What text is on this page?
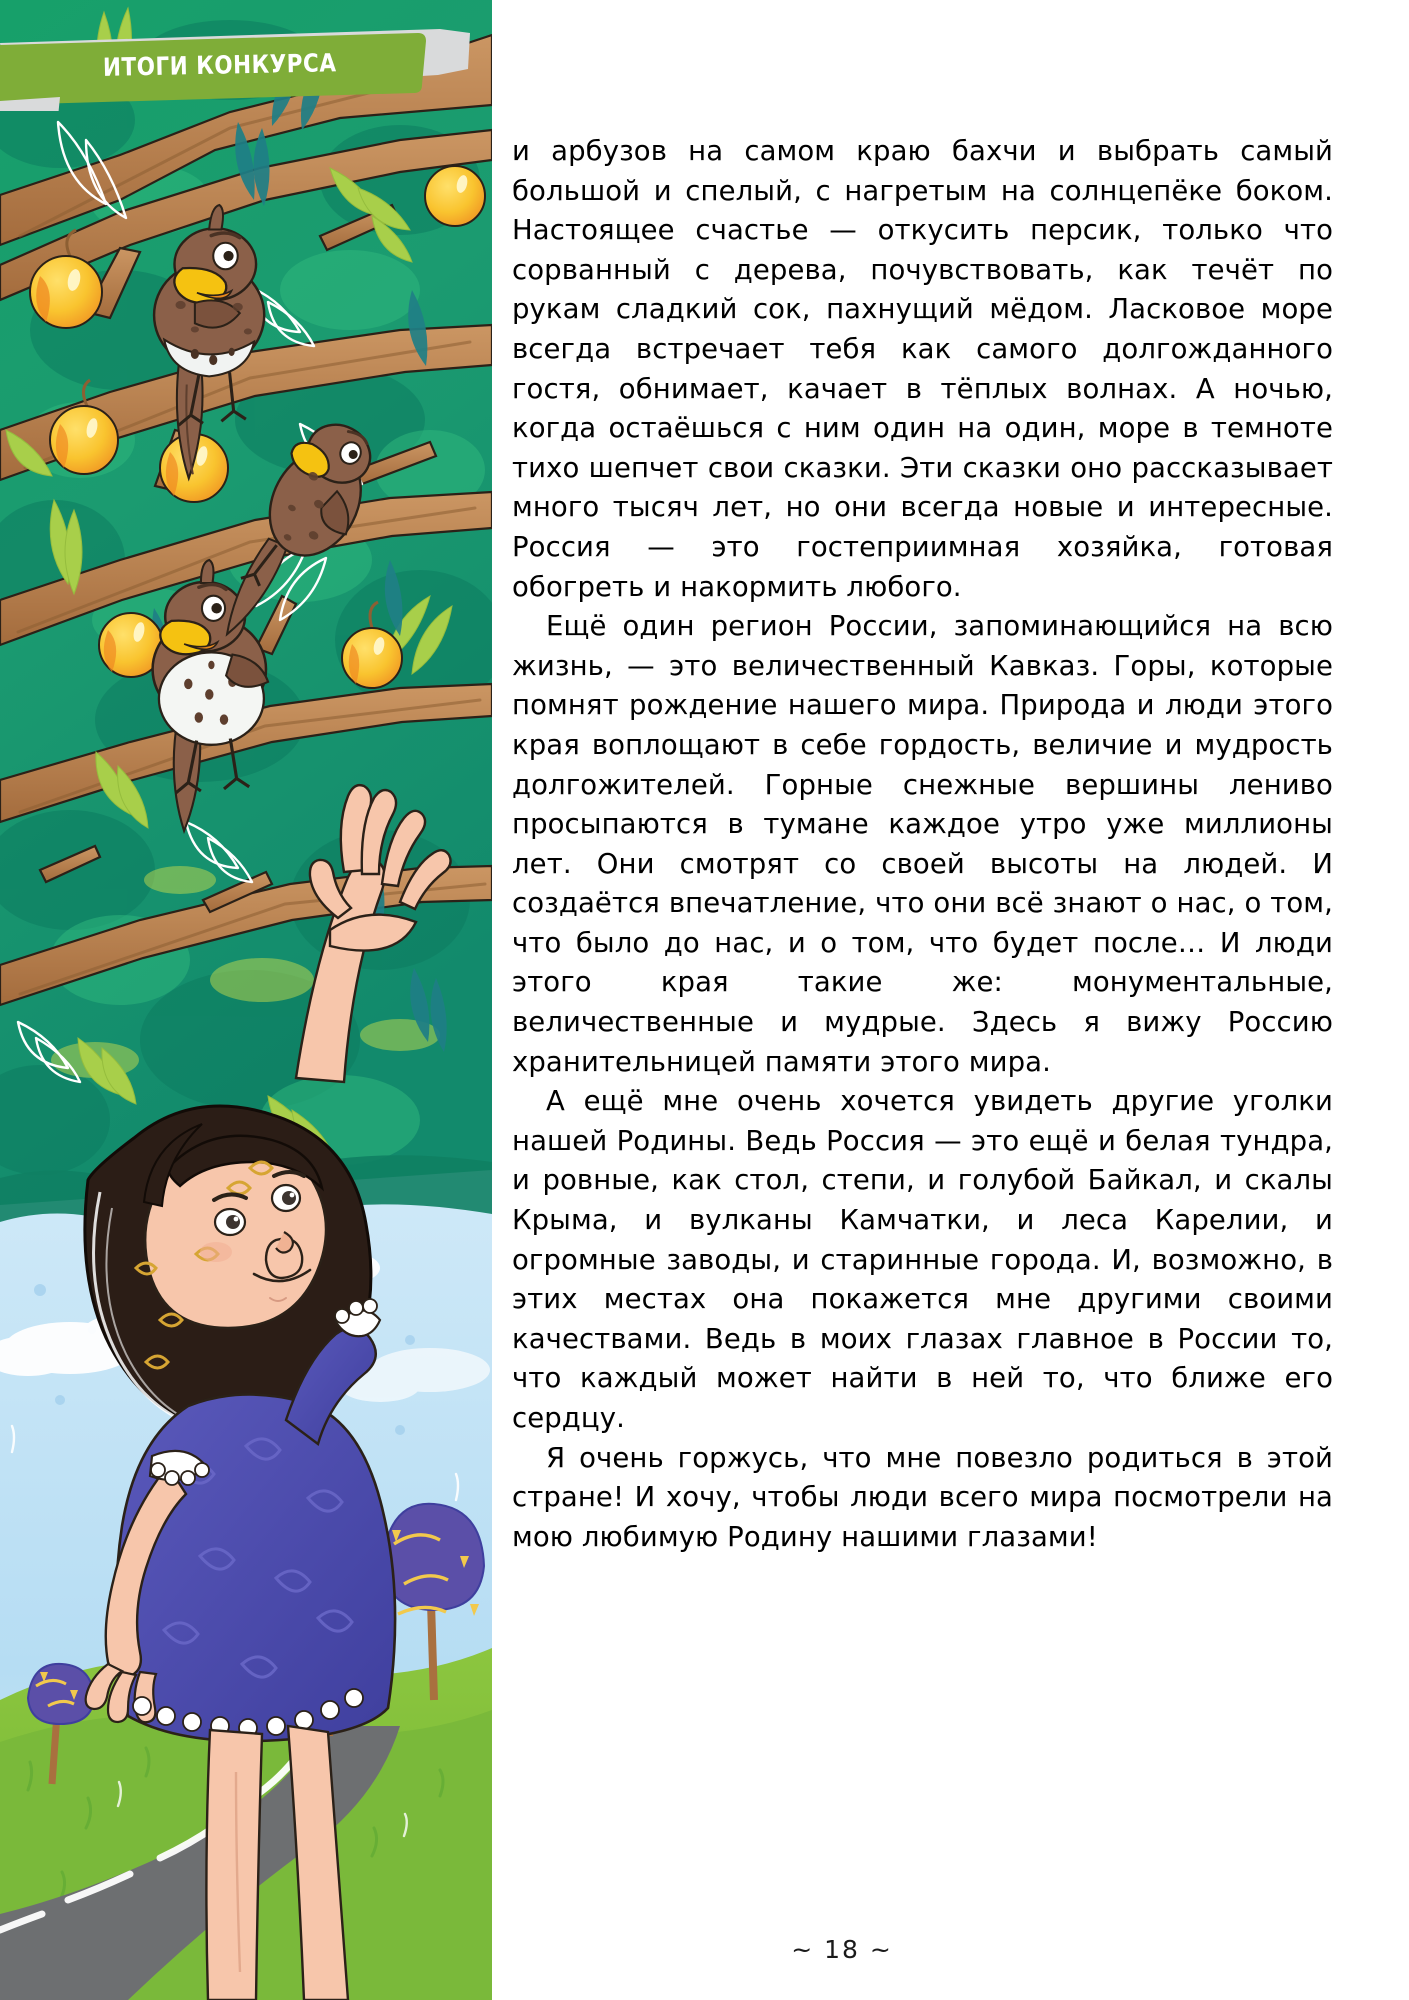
ИТОГИ КОНКУРСА

и арбузов на самом краю бахчи и выбрать самый большой и спелый, с нагретым на солнцепёке боком. Настоящее счастье — откусить персик, только что сорванный с дерева, почувствовать, как течёт по рукам сладкий сок, пахнущий мёдом. Ласковое море всегда встречает тебя как самого долгожданного гостя, обнимает, качает в тёплых волнах. А ночью, когда остаёшься с ним один на один, море в темноте тихо шепчет свои сказки. Эти сказки оно рассказывает много тысяч лет, но они всегда новые и интересные. Россия — это гостеприимная хозяйка, готовая обогреть и накормить любого.

Ещё один регион России, запоминающийся на всю жизнь, — это величественный Кавказ. Горы, которые помнят рождение нашего мира. Природа и люди этого края воплощают в себе гордость, величие и мудрость долгожителей. Горные снежные вершины лениво просыпаются в тумане каждое утро уже миллионы лет. Они смотрят со своей высоты на людей. И создаётся впечатление, что они всё знают о нас, о том, что было до нас, и о том, что будет после… И люди этого края такие же: монументальные, величественные и мудрые. Здесь я вижу Россию хранительницей памяти этого мира.

А ещё мне очень хочется увидеть другие уголки нашей Родины. Ведь Россия — это ещё и белая тундра, и ровные, как стол, степи, и голубой Байкал, и скалы Крыма, и вулканы Камчатки, и леса Карелии, и огромные заводы, и старинные города. И, возможно, в этих местах она покажется мне другими своими качествами. Ведь в моих глазах главное в России то, что каждый может найти в ней то, что ближе его сердцу.

Я очень горжусь, что мне повезло родиться в этой стране! И хочу, чтобы люди всего мира посмотрели на мою любимую Родину нашими глазами!

~ 18 ~
